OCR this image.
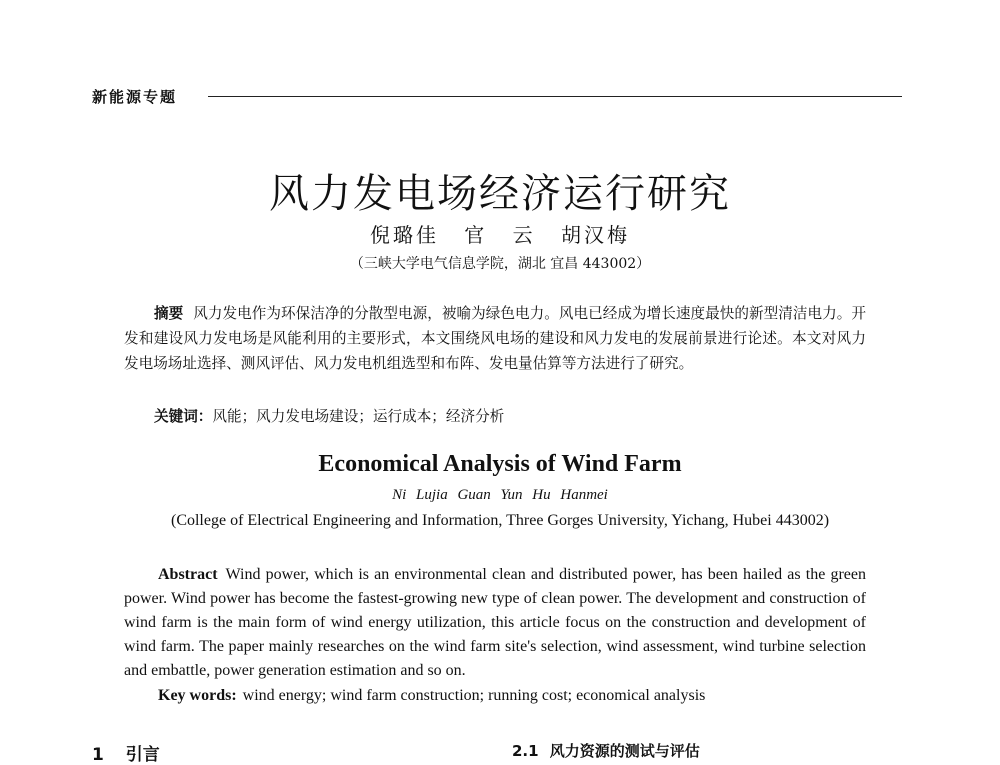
新能源专题
风力发电场经济运行研究
倪璐佳 官 云 胡汉梅
（三峡大学电气信息学院，湖北 宜昌 443002）
摘要 风力发电作为环保洁净的分散型电源，被喻为绿色电力。风电已经成为增长速度最快的新型清洁电力。开发和建设风力发电场是风能利用的主要形式，本文围绕风电场的建设和风力发电的发展前景进行论述。本文对风力发电场场址选择、测风评估、风力发电机组选型和布阵、发电量估算等方法进行了研究。
关键词：风能；风力发电场建设；运行成本；经济分析
Economical Analysis of Wind Farm
Ni Lujia Guan Yun Hu Hanmei
(College of Electrical Engineering and Information, Three Gorges University, Yichang, Hubei 443002)
Abstract Wind power, which is an environmental clean and distributed power, has been hailed as the green power. Wind power has become the fastest-growing new type of clean power. The development and construction of wind farm is the main form of wind energy utilization, this article focus on the construction and development of wind farm. The paper mainly researches on the wind farm site's selection, wind assessment, wind turbine selection and embattle, power generation estimation and so on.
Key words: wind energy; wind farm construction; running cost; economical analysis
1 引言	2.1 风力资源的测试与评估
